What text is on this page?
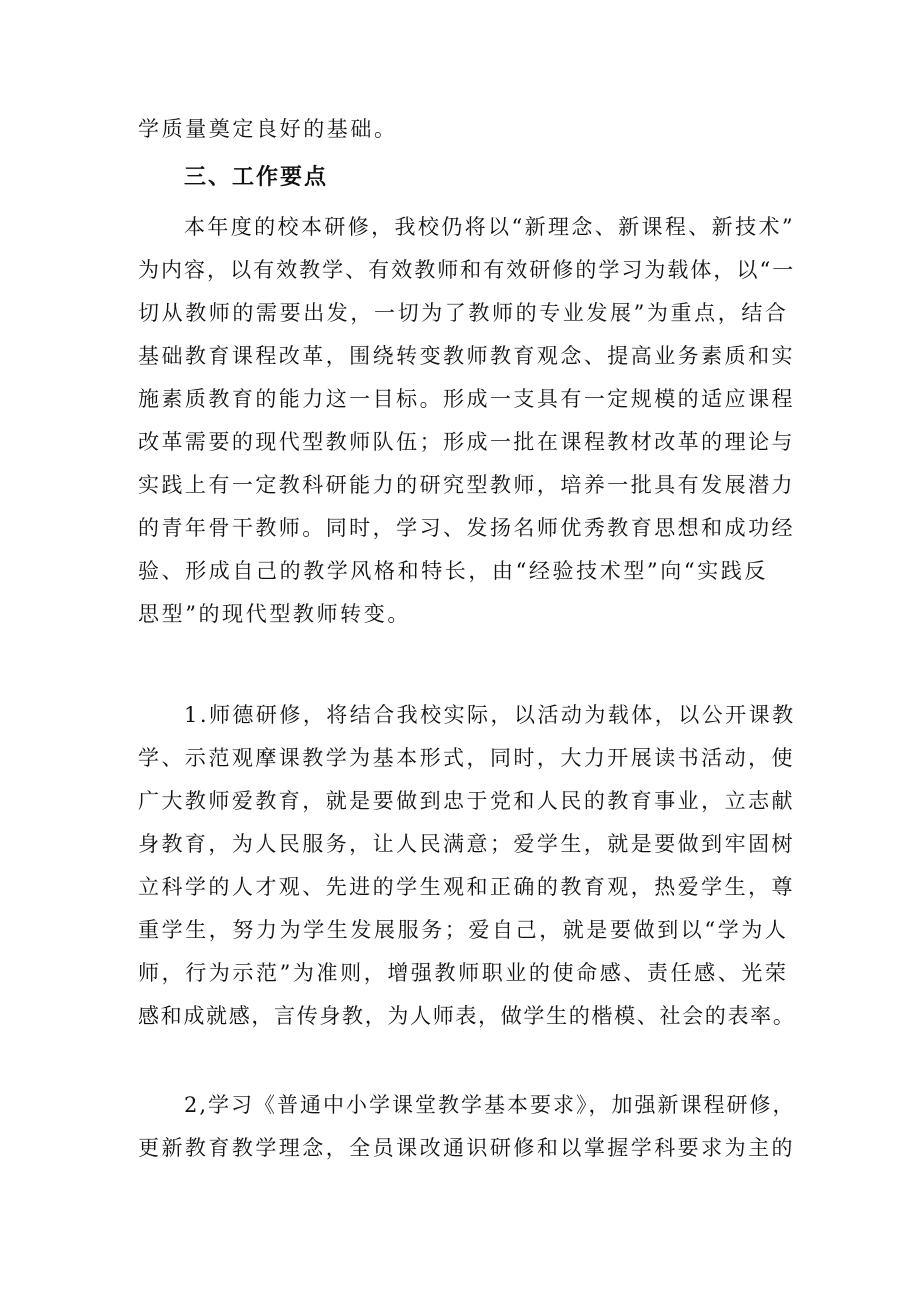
学质量奠定良好的基础。
三、工作要点
本年度的校本研修，我校仍将以“新理念、新课程、新技术”
为内容，以有效教学、有效教师和有效研修的学习为载体，以“一
切从教师的需要出发，一切为了教师的专业发展”为重点，结合
基础教育课程改革，围绕转变教师教育观念、提高业务素质和实
施素质教育的能力这一目标。形成一支具有一定规模的适应课程
改革需要的现代型教师队伍；形成一批在课程教材改革的理论与
实践上有一定教科研能力的研究型教师，培养一批具有发展潜力
的青年骨干教师。同时，学习、发扬名师优秀教育思想和成功经
验、形成自己的教学风格和特长，由“经验技术型”向“实践反
思型”的现代型教师转变。
1.师德研修，将结合我校实际，以活动为载体，以公开课教
学、示范观摩课教学为基本形式，同时，大力开展读书活动，使
广大教师爱教育，就是要做到忠于党和人民的教育事业，立志献
身教育，为人民服务，让人民满意；爱学生，就是要做到牢固树
立科学的人才观、先进的学生观和正确的教育观，热爱学生，尊
重学生，努力为学生发展服务；爱自己，就是要做到以“学为人
师，行为示范”为准则，增强教师职业的使命感、责任感、光荣
感和成就感，言传身教，为人师表，做学生的楷模、社会的表率。
2,学习《普通中小学课堂教学基本要求》，加强新课程研修，
更新教育教学理念，全员课改通识研修和以掌握学科要求为主的
